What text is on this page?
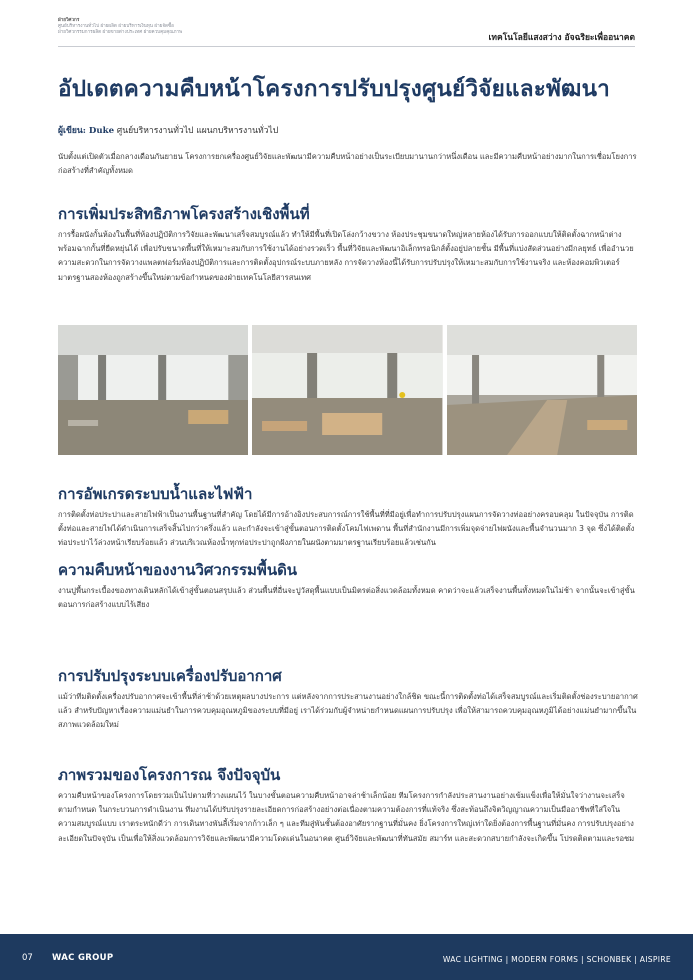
ฝ่ายวิศวกร
ศูนย์บริหารงานทั่วไป ฝ่ายผลิต ฝ่ายบริหารเงินทุน ฝ่ายจัดซื้อ
ฝ่ายวิศวกรรมการผลิต ฝ่ายขายต่างประเทศ ฝ่ายควบคุมคุณภาพ
เทคโนโลยีแสงสว่าง อัจฉริยะเพื่ออนาคต
อัปเดตความคืบหน้าโครงการปรับปรุงศูนย์วิจัยและพัฒนา
ผู้เขียน: Duke ศูนย์บริหารงานทั่วไป แผนกบริหารงานทั่วไป

นับตั้งแต่เปิดตัวเมื่อกลางเดือนกันยายน โครงการยกเครื่องศูนย์วิจัยและพัฒนามีความคืบหน้าอย่างเป็นระเบียบมานานกว่าหนึ่งเดือน และมีความคืบหน้าอย่างมากในการเชื่อมโยงการก่อสร้างที่สำคัญทั้งหมด

การเพิ่มประสิทธิภาพโครงสร้างเชิงพื้นที่

การรื้อผนังกั้นห้องในพื้นที่ห้องปฏิบัติการวิจัยและพัฒนาเสร็จสมบูรณ์แล้ว ทำให้มีพื้นที่เปิดโล่งกว้างขวาง ห้องประชุมขนาดใหญ่หลายห้องได้รับการออกแบบให้ติดตั้งฉากหน้าต่าง พร้อมฉากกั้นที่ยืดหยุ่นได้ เพื่อปรับขนาดพื้นที่ให้เหมาะสมกับการใช้งานได้อย่างรวดเร็ว พื้นที่วิจัยและพัฒนาอิเล็กทรอนิกส์ตั้งอยู่ปลายชั้น มีพื้นที่แบ่งสัดส่วนอย่างมีกลยุทธ์ เพื่ออำนวยความสะดวกในการจัดวางแพลตฟอร์มห้องปฏิบัติการและการติดตั้งอุปกรณ์ระบบภายหลัง การจัดวางห้องนี้ได้รับการปรับปรุงให้เหมาะสมกับการใช้งานจริง และห้องคอมพิวเตอร์มาตรฐานสองห้องถูกสร้างขึ้นใหม่ตามข้อกำหนดของฝ่ายเทคโนโลยีสารสนเทศ

การอัพเกรดระบบน้ำและไฟฟ้า

การติดตั้งท่อประปาและสายไฟฟ้าเป็นงานพื้นฐานที่สำคัญ โดยได้มีการอ้างอิงประสบการณ์การใช้พื้นที่ที่มีอยู่เพื่อทำการปรับปรุงแผนการจัดวางท่ออย่างครอบคลุม ในปัจจุบัน การติดตั้งท่อและสายไฟได้ดำเนินการเสร็จสิ้นไปกว่าครึ่งแล้ว และกำลังจะเข้าสู่ขั้นตอนการติดตั้งโคมไฟเพดาน พื้นที่สำนักงานมีการเพิ่มจุดจ่ายไฟผนังและพื้นจำนวนมาก 3 จุด ซึ่งได้ติดตั้งท่อประปาไว้ล่วงหน้าเรียบร้อยแล้ว ส่วนบริเวณห้องน้ำทุกท่อประปาถูกฝังภายในผนังตามมาตรฐานเรียบร้อยแล้วเช่นกัน

ความคืบหน้าของงานวิศวกรรมพื้นดิน

งานปูพื้นกระเบื้องของทางเดินหลักได้เข้าสู่ขั้นตอนสรุปแล้ว ส่วนพื้นที่อื่นจะปูวัสดุพื้นแบบเป็นมิตรต่อสิ่งแวดล้อมทั้งหมด คาดว่าจะแล้วเสร็จงานพื้นทั้งหมดในไม่ช้า จากนั้นจะเข้าสู่ขั้นตอนการก่อสร้างแบบไร้เสียง

การปรับปรุงระบบเครื่องปรับอากาศ

แม้ว่าทีมติดตั้งเครื่องปรับอากาศจะเข้าพื้นที่ล่าช้าด้วยเหตุผลบางประการ แต่หลังจากการประสานงานอย่างใกล้ชิด ขณะนี้การติดตั้งท่อได้เสร็จสมบูรณ์และเริ่มติดตั้งช่องระบายอากาศแล้ว สำหรับปัญหาเรื่องความแม่นยำในการควบคุมอุณหภูมิของระบบที่มีอยู่ เราได้ร่วมกับผู้จำหน่ายกำหนดแผนการปรับปรุง เพื่อให้สามารถควบคุมอุณหภูมิได้อย่างแม่นยำมากขึ้นในสภาพแวดล้อมใหม่

ภาพรวมของโครงการณ จึงปัจจุบัน

ความคืบหน้าของโครงการโดยรวมเป็นไปตามที่วางแผนไว้ ในบางขั้นตอนความคืบหน้าอาจล่าช้าเล็กน้อย ทีมโครงการกำลังประสานงานอย่างเข้มแข็งเพื่อให้มั่นใจว่างานจะเสร็จตามกำหนด ในกระบวนการดำเนินงาน ทีมงานได้ปรับปรุงรายละเอียดการก่อสร้างอย่างต่อเนื่องตามความต้องการที่แท้จริง ซึ่งสะท้อนถึงจิตวิญญาณความเป็นมืออาชีพที่ใส่ใจในความสมบูรณ์แบบ เราตระหนักดีว่า การเดินทางพันลี้เริ่มจากก้าวเล็ก ๆ และทีมสู่พันชั้นต้องอาศัยรากฐานที่มั่นคง ยิ่งโครงการใหญ่เท่าใดยิ่งต้องการพื้นฐานที่มั่นคง การปรับปรุงอย่างละเอียดในปัจจุบัน เป็นเพื่อให้สิ่งแวดล้อมการวิจัยและพัฒนามีความโดดเด่นในอนาคต ศูนย์วิจัยและพัฒนาที่ทันสมัย สมาร์ท และสะดวกสบายกำลังจะเกิดขึ้น โปรดติดตามและรอชม

07 WAC GROUP	WAC LIGHTING | MODERN FORMS | SCHONBEK | AISPIRE
